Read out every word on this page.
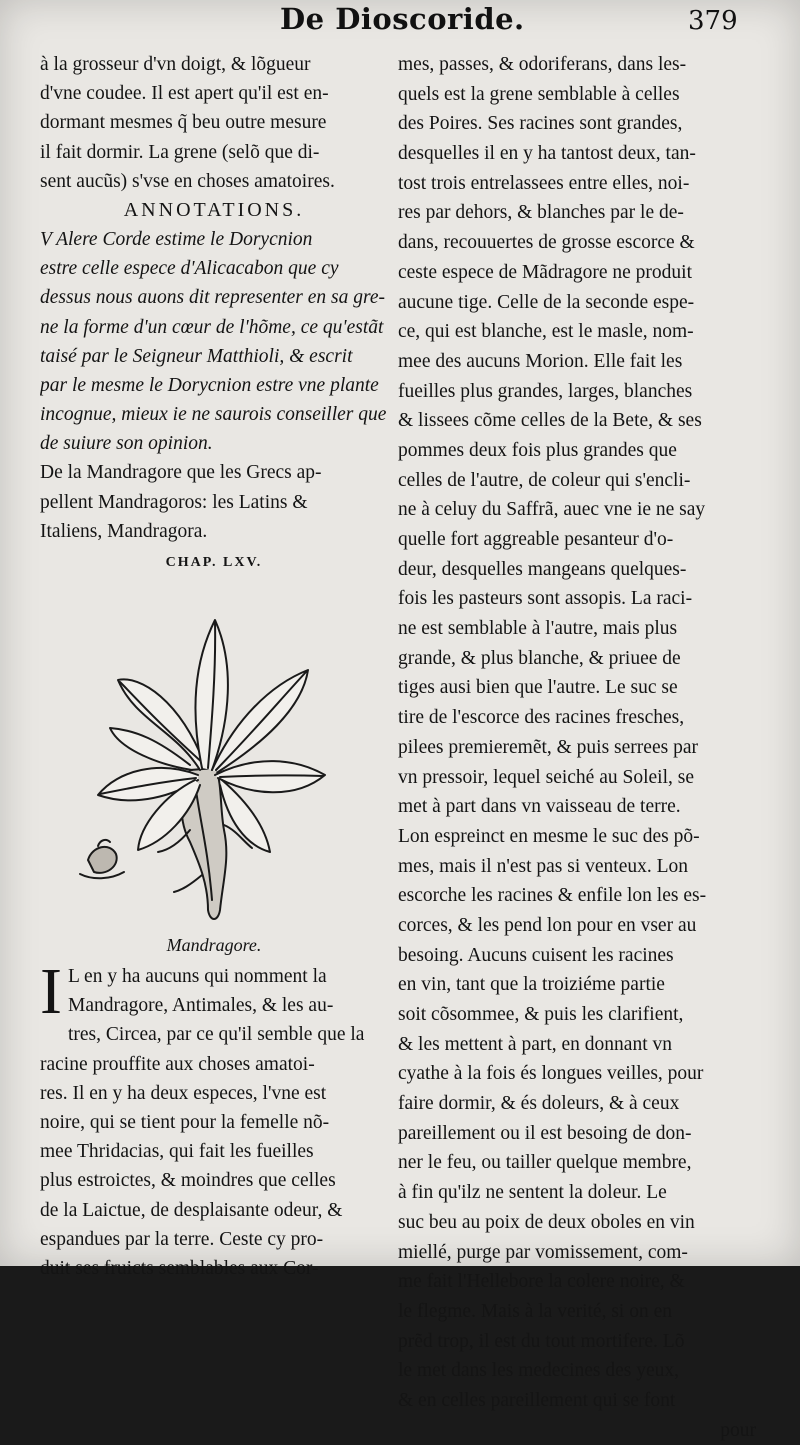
De Dioscoride.	379
à la grosseur d'vn doigt, & lõgueur
d'vne coudee. Il est apert qu'il est en-
dormant mesmes q̃ beu outre mesure
il fait dormir. La grene (selõ que di-
sent aucũs) s'vse en choses amatoires.
ANNOTATIONS.
V Alere Corde estime le Dorycnion
estre celle espece d'Alicacabon que cy
dessus nous auons dit representer en sa gre-
ne la forme d'un cœur de l'hõme, ce qu'estãt
taisé par le Seigneur Matthioli, & escrit
par le mesme le Dorycnion estre vne plante
incognue, mieux ie ne saurois conseiller que
de suiure son opinion.
De la Mandragore que les Grecs ap-
pellent Mandragoros: les Latins &
Italiens, Mandragora.
CHAP. LXV.
Mandragore.
I L en y ha aucuns qui nomment la
Mandragore, Antimales, & les au-
tres, Circea, par ce qu'il semble que la
racine prouffite aux choses amatoi-
res. Il en y ha deux especes, l'vne est
noire, qui se tient pour la femelle nõ-
mee Thridacias, qui fait les fueilles
plus estroictes, & moindres que celles
de la Laictue, de desplaisante odeur, &
espandues par la terre. Ceste cy pro-
duit ses fruicts semblables aux Cor-
mes, passes, & odoriferans, dans les-
quels est la grene semblable à celles
des Poires. Ses racines sont grandes,
desquelles il en y ha tantost deux, tan-
tost trois entrelassees entre elles, noi-
res par dehors, & blanches par le de-
dans, recouuertes de grosse escorce &
ceste espece de Mãdragore ne produit
aucune tige. Celle de la seconde espe-
ce, qui est blanche, est le masle, nom-
mee des aucuns Morion. Elle fait les
fueilles plus grandes, larges, blanches
& lissees cõme celles de la Bete, & ses
pommes deux fois plus grandes que
celles de l'autre, de coleur qui s'encli-
ne à celuy du Saffrã, auec vne ie ne say
quelle fort aggreable pesanteur d'o-
deur, desquelles mangeans quelques-
fois les pasteurs sont assopis. La raci-
ne est semblable à l'autre, mais plus
grande, & plus blanche, & priuee de
tiges ausi bien que l'autre. Le suc se
tire de l'escorce des racines fresches,
pilees premieremẽt, & puis serrees par
vn pressoir, lequel seiché au Soleil, se
met à part dans vn vaisseau de terre.
Lon espreinct en mesme le suc des põ-
mes, mais il n'est pas si venteux. Lon
escorche les racines & enfile lon les es-
corces, & les pend lon pour en vser au
besoing. Aucuns cuisent les racines
en vin, tant que la troiziéme partie
soit cõsommee, & puis les clarifient,
& les mettent à part, en donnant vn
cyathe à la fois és longues veilles, pour
faire dormir, & és doleurs, & à ceux
pareillement ou il est besoing de don-
ner le feu, ou tailler quelque membre,
à fin qu'ilz ne sentent la doleur. Le
suc beu au poix de deux oboles en vin
miellé, purge par vomissement, com-
me fait l'Hellebore la colere noire, &
le flegme. Mais à la verité, si on en
prẽd trop, il est du tout mortifere. Lõ
le met dans les medecines des yeux,
& en celles pareillement qui se font
pour
